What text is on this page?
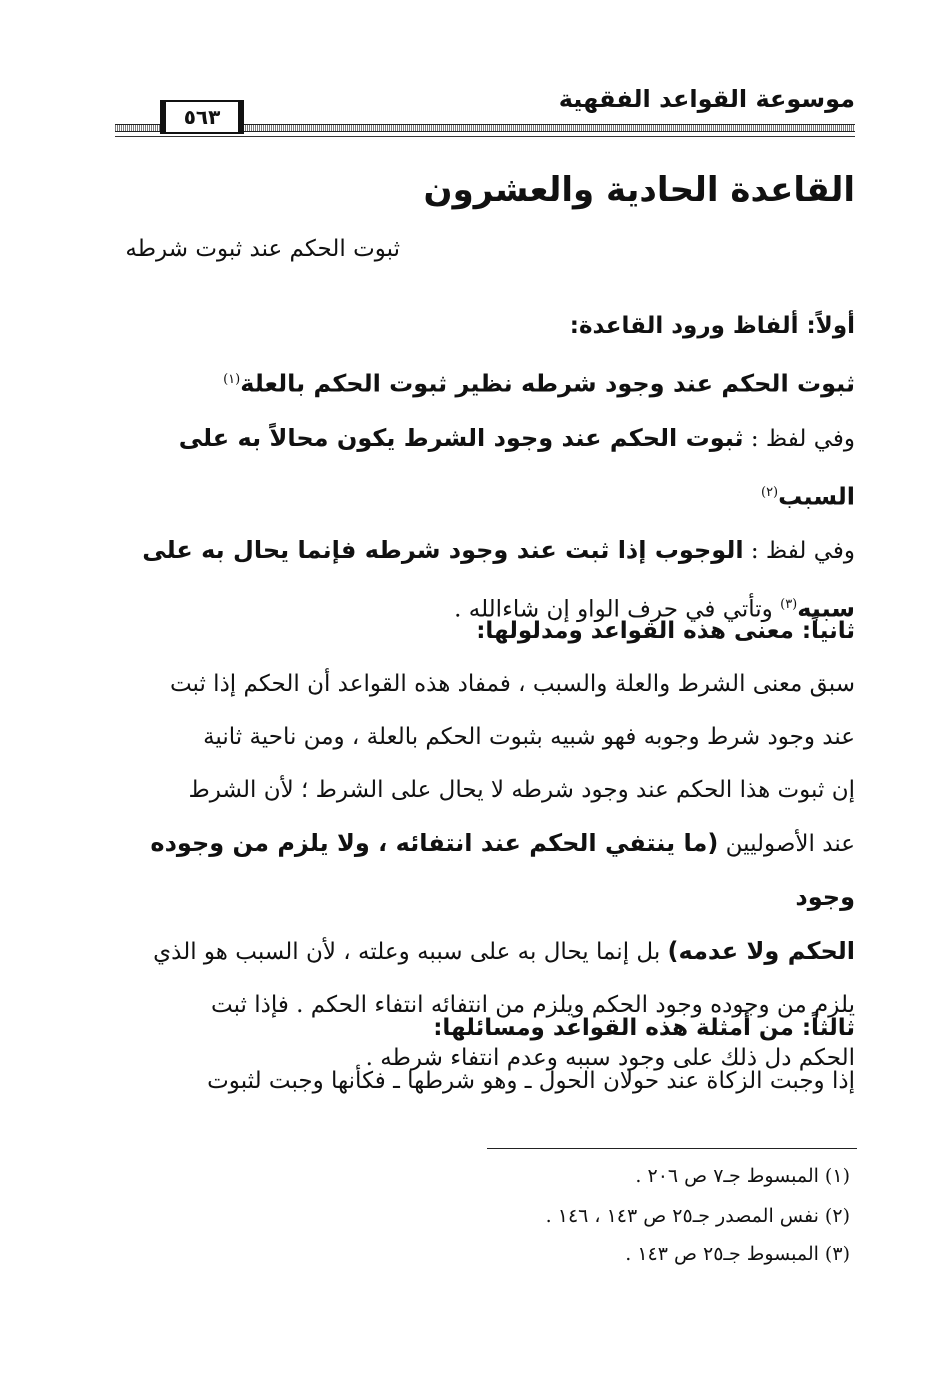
٥٦٣
موسوعة القواعد الفقهية
القاعدة الحادية والعشرون
ثبوت الحكم عند ثبوت شرطه
أولاً: ألفاظ ورود القاعدة:
ثبوت الحكم عند وجود شرطه نظير ثبوت الحكم بالعلة$^{(١)}$
وفي لفظ : ثبوت الحكم عند وجود الشرط يكون محالاً به على
السبب$^{(٢)}$
وفي لفظ : الوجوب إذا ثبت عند وجود شرطه فإنما يحال به على
سببه$^{(٣)}$ وتأتي في حرف الواو إن شاءالله .
ثانياً: معنى هذه القواعد ومدلولها:
سبق معنى الشرط والعلة والسبب ، فمفاد هذه القواعد أن الحكم إذا ثبت
عند وجود شرط وجوبه فهو شبيه بثبوت الحكم بالعلة ، ومن ناحية ثانية
إن ثبوت هذا الحكم عند وجود شرطه لا يحال على الشرط ؛ لأن الشرط
عند الأصوليين (ما ينتفي الحكم عند انتفائه ، ولا يلزم من وجوده وجود
الحكم ولا عدمه) بل إنما يحال به على سببه وعلته ، لأن السبب هو الذي
يلزم من وجوده وجود الحكم ويلزم من انتفائه انتفاء الحكم . فإذا ثبت
الحكم دل ذلك على وجود سببه وعدم انتفاء شرطه .
ثالثاً: من أمثلة هذه القواعد ومسائلها:
إذا وجبت الزكاة عند حولان الحول ـ وهو شرطها ـ فكأنها وجبت لثبوت
(١) المبسوط جـ٧ ص ٢٠٦ .
(٢) نفس المصدر جـ٢٥ ص ١٤٣ ، ١٤٦ .
(٣) المبسوط جـ٢٥ ص ١٤٣ .
